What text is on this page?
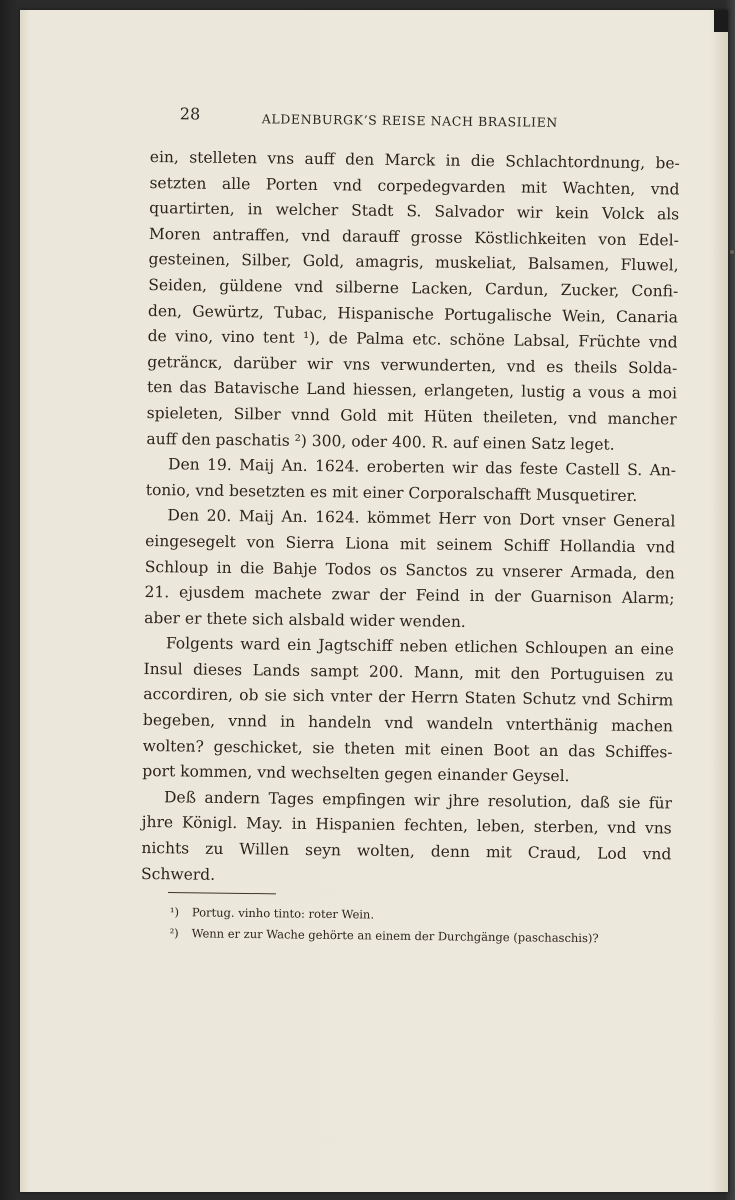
28	ALDENBURGK’S REISE NACH BRASILIEN
ein, stelleten vns auff den Marck in die Schlachtordnung, be-
setzten alle Porten vnd corpedegvarden mit Wachten, vnd
quartirten, in welcher Stadt S. Salvador wir kein Volck als
Moren antraffen, vnd darauff grosse Köstlichkeiten von Edel-
gesteinen, Silber, Gold, amagris, muskeliat, Balsamen, Fluwel,
Seiden, güldene vnd silberne Lacken, Cardun, Zucker, Confi-
den, Gewürtz, Tubac, Hispanische Portugalische Wein, Canaria
de vino, vino tent ¹), de Palma etc. schöne Labsal, Früchte vnd
geträncк, darüber wir vns verwunderten, vnd es theils Solda-
ten das Batavische Land hiessen, erlangeten, lustig a vous a moi
spieleten, Silber vnnd Gold mit Hüten theileten, vnd mancher
auff den paschatis ²) 300, oder 400. R. auf einen Satz leget.
Den 19. Maij An. 1624. eroberten wir das feste Castell S. An-
tonio, vnd besetzten es mit einer Corporalschafft Musquetirer.
Den 20. Maij An. 1624. kömmet Herr von Dort vnser General
eingesegelt von Sierra Liona mit seinem Schiff Hollandia vnd
Schloup in die Bahje Todos os Sanctos zu vnserer Armada, den
21. ejusdem machete zwar der Feind in der Guarnison Alarm;
aber er thete sich alsbald wider wenden.
Folgents ward ein Jagtschiff neben etlichen Schloupen an eine
Insul dieses Lands sampt 200. Mann, mit den Portuguisen zu
accordiren, ob sie sich vnter der Herrn Staten Schutz vnd Schirm
begeben, vnnd in handeln vnd wandeln vnterthänig machen
wolten? geschicket, sie theten mit einen Boot an das Schiffes-
port kommen, vnd wechselten gegen einander Geysel.
Deß andern Tages empfingen wir jhre resolution, daß sie für
jhre Königl. May. in Hispanien fechten, leben, sterben, vnd vns
nichts zu Willen seyn wolten, denn mit Craud, Lod vnd
Schwerd.
¹) Portug. vinho tinto: roter Wein.
²) Wenn er zur Wache gehörte an einem der Durchgänge (paschaschis)?
